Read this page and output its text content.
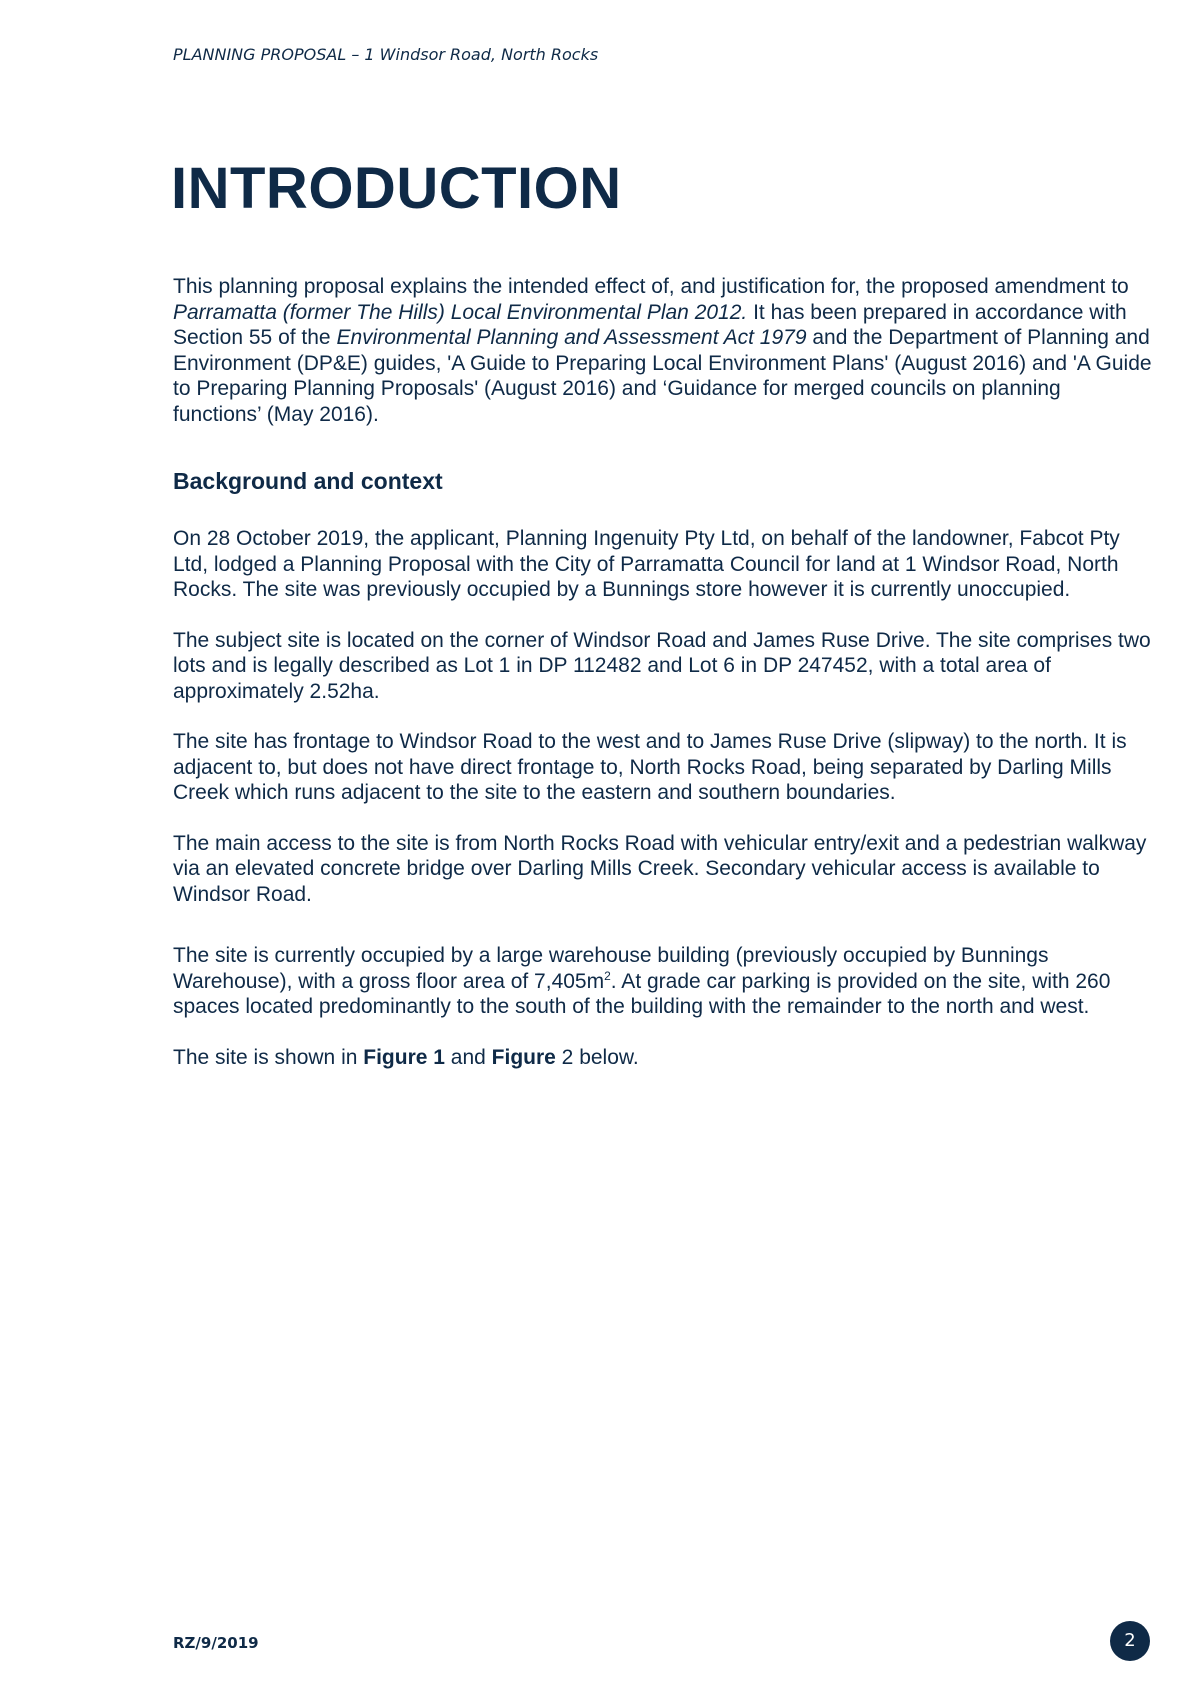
PLANNING PROPOSAL – 1 Windsor Road, North Rocks
INTRODUCTION

This planning proposal explains the intended effect of, and justification for, the proposed amendment to Parramatta (former The Hills) Local Environmental Plan 2012. It has been prepared in accordance with Section 55 of the Environmental Planning and Assessment Act 1979 and the Department of Planning and Environment (DP&E) guides, 'A Guide to Preparing Local Environment Plans' (August 2016) and 'A Guide to Preparing Planning Proposals' (August 2016) and ‘Guidance for merged councils on planning functions’ (May 2016).

Background and context

On 28 October 2019, the applicant, Planning Ingenuity Pty Ltd, on behalf of the landowner, Fabcot Pty Ltd, lodged a Planning Proposal with the City of Parramatta Council for land at 1 Windsor Road, North Rocks. The site was previously occupied by a Bunnings store however it is currently unoccupied.

The subject site is located on the corner of Windsor Road and James Ruse Drive. The site comprises two lots and is legally described as Lot 1 in DP 112482 and Lot 6 in DP 247452, with a total area of approximately 2.52ha.

The site has frontage to Windsor Road to the west and to James Ruse Drive (slipway) to the north. It is adjacent to, but does not have direct frontage to, North Rocks Road, being separated by Darling Mills Creek which runs adjacent to the site to the eastern and southern boundaries.

The main access to the site is from North Rocks Road with vehicular entry/exit and a pedestrian walkway via an elevated concrete bridge over Darling Mills Creek. Secondary vehicular access is available to Windsor Road.

The site is currently occupied by a large warehouse building (previously occupied by Bunnings Warehouse), with a gross floor area of $7,405m^2$. At grade car parking is provided on the site, with 260 spaces located predominantly to the south of the building with the remainder to the north and west.

The site is shown in Figure 1 and Figure 2 below.

RZ/9/2019	2
